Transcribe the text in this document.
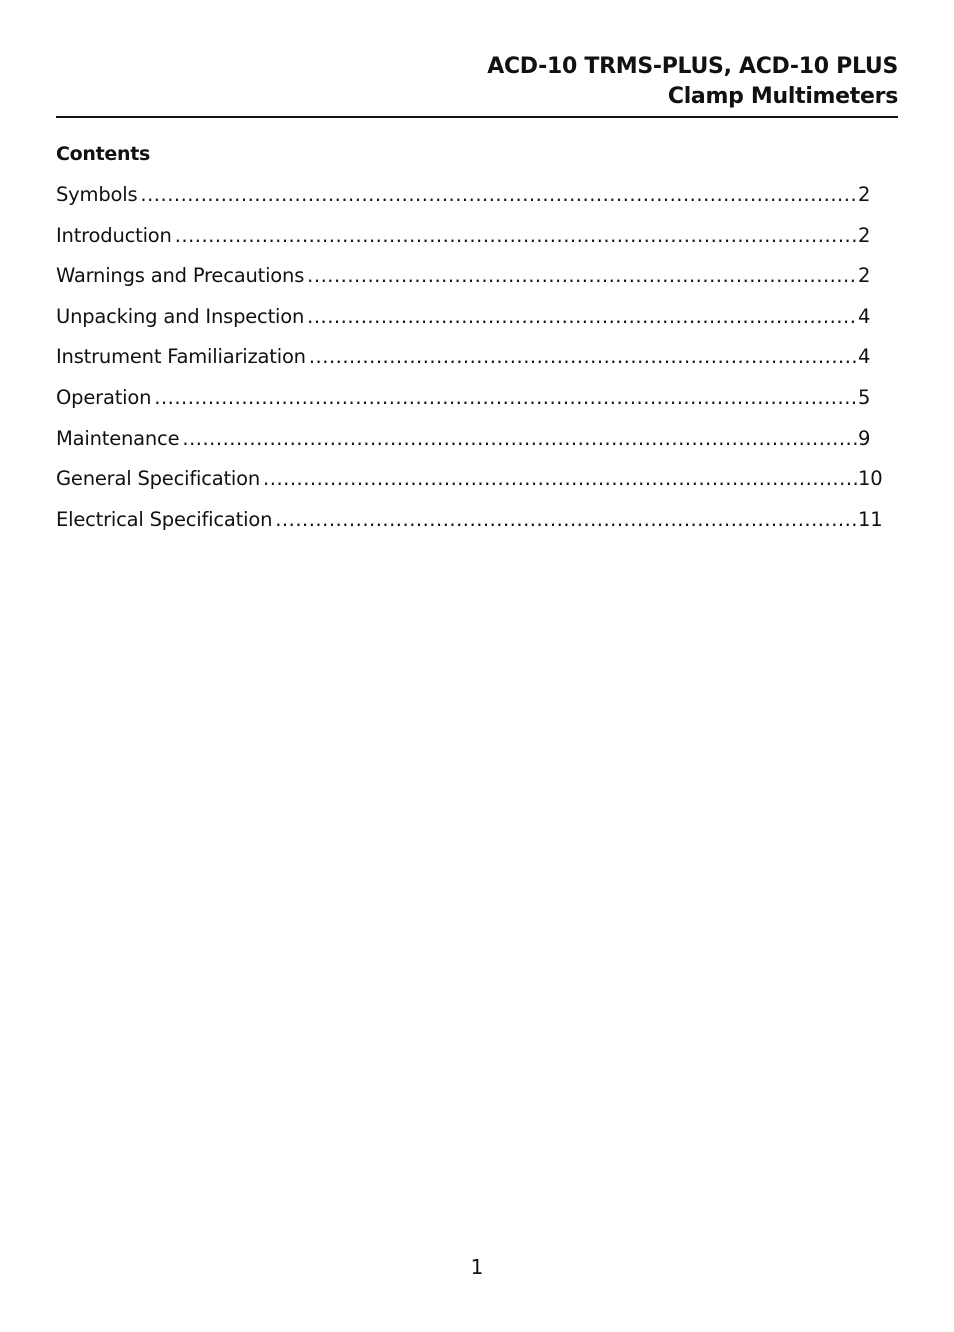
ACD-10 TRMS-PLUS, ACD-10 PLUS
Clamp Multimeters
Contents
Symbols .....	2
Introduction .....	2
Warnings and Precautions .....	2
Unpacking and Inspection .....	4
Instrument Familiarization .....	4
Operation .....	5
Maintenance .....	9
General Specification .....	10
Electrical Specification .....	11
1
